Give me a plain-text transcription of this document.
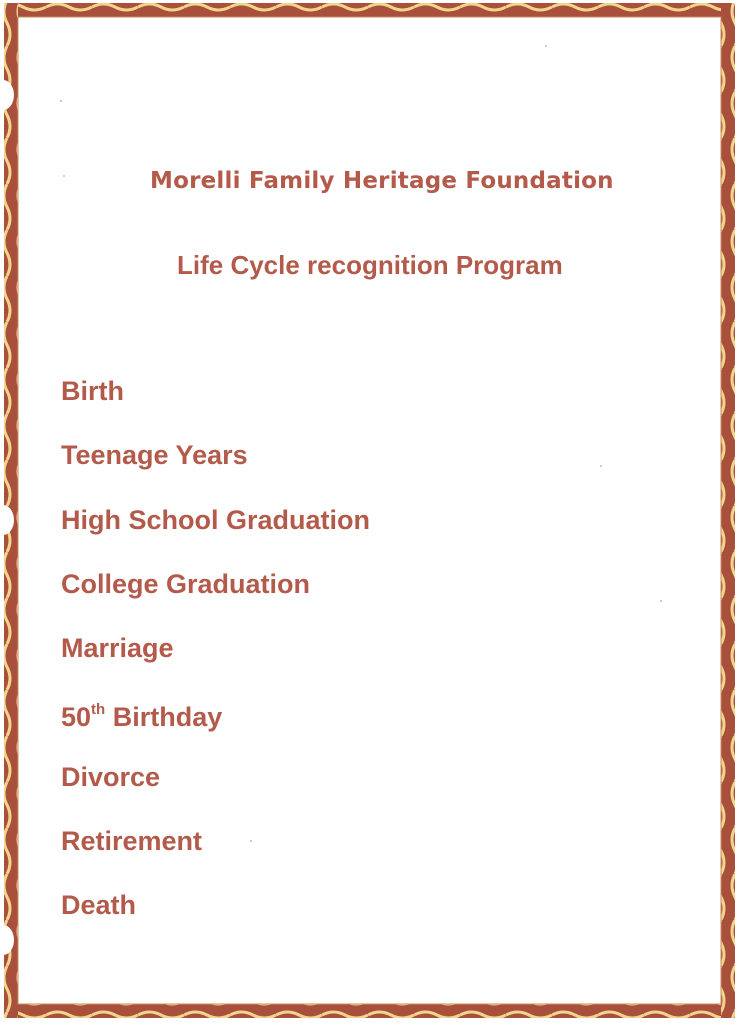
Morelli Family Heritage Foundation
Life Cycle recognition Program
Birth
Teenage Years
High School Graduation
College Graduation
Marriage
50th Birthday
Divorce
Retirement
Death
